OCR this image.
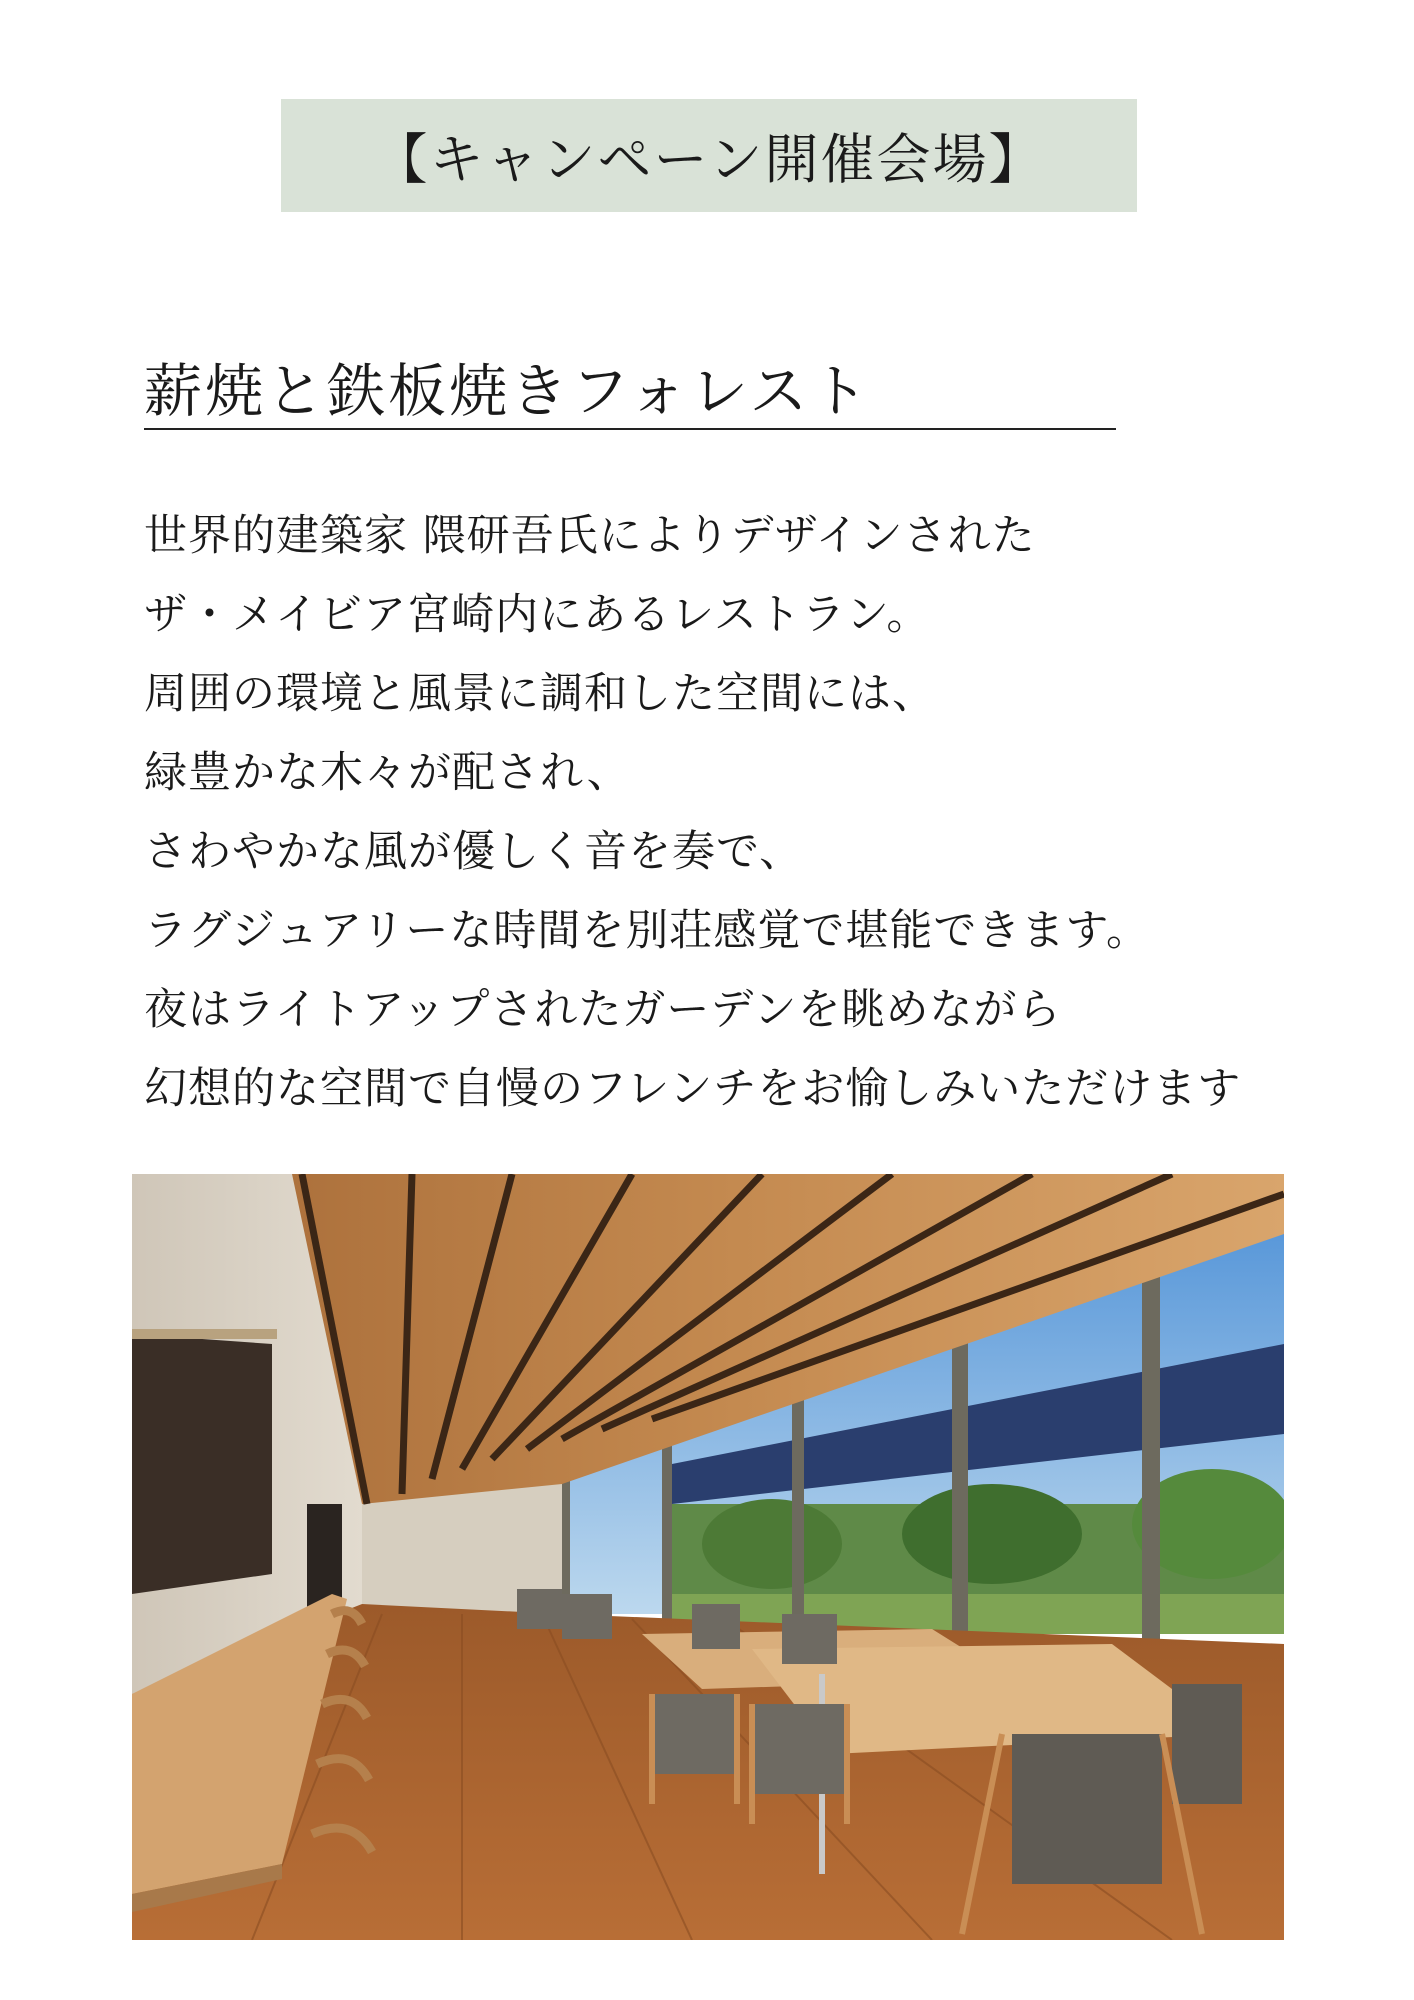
【キャンペーン開催会場】
薪焼と鉄板焼きフォレスト
世界的建築家 隈研吾氏によりデザインされた
ザ・メイビア宮崎内にあるレストラン。
周囲の環境と風景に調和した空間には、
緑豊かな木々が配され、
さわやかな風が優しく音を奏で、
ラグジュアリーな時間を別荘感覚で堪能できます。
夜はライトアップされたガーデンを眺めながら
幻想的な空間で自慢のフレンチをお愉しみいただけます
